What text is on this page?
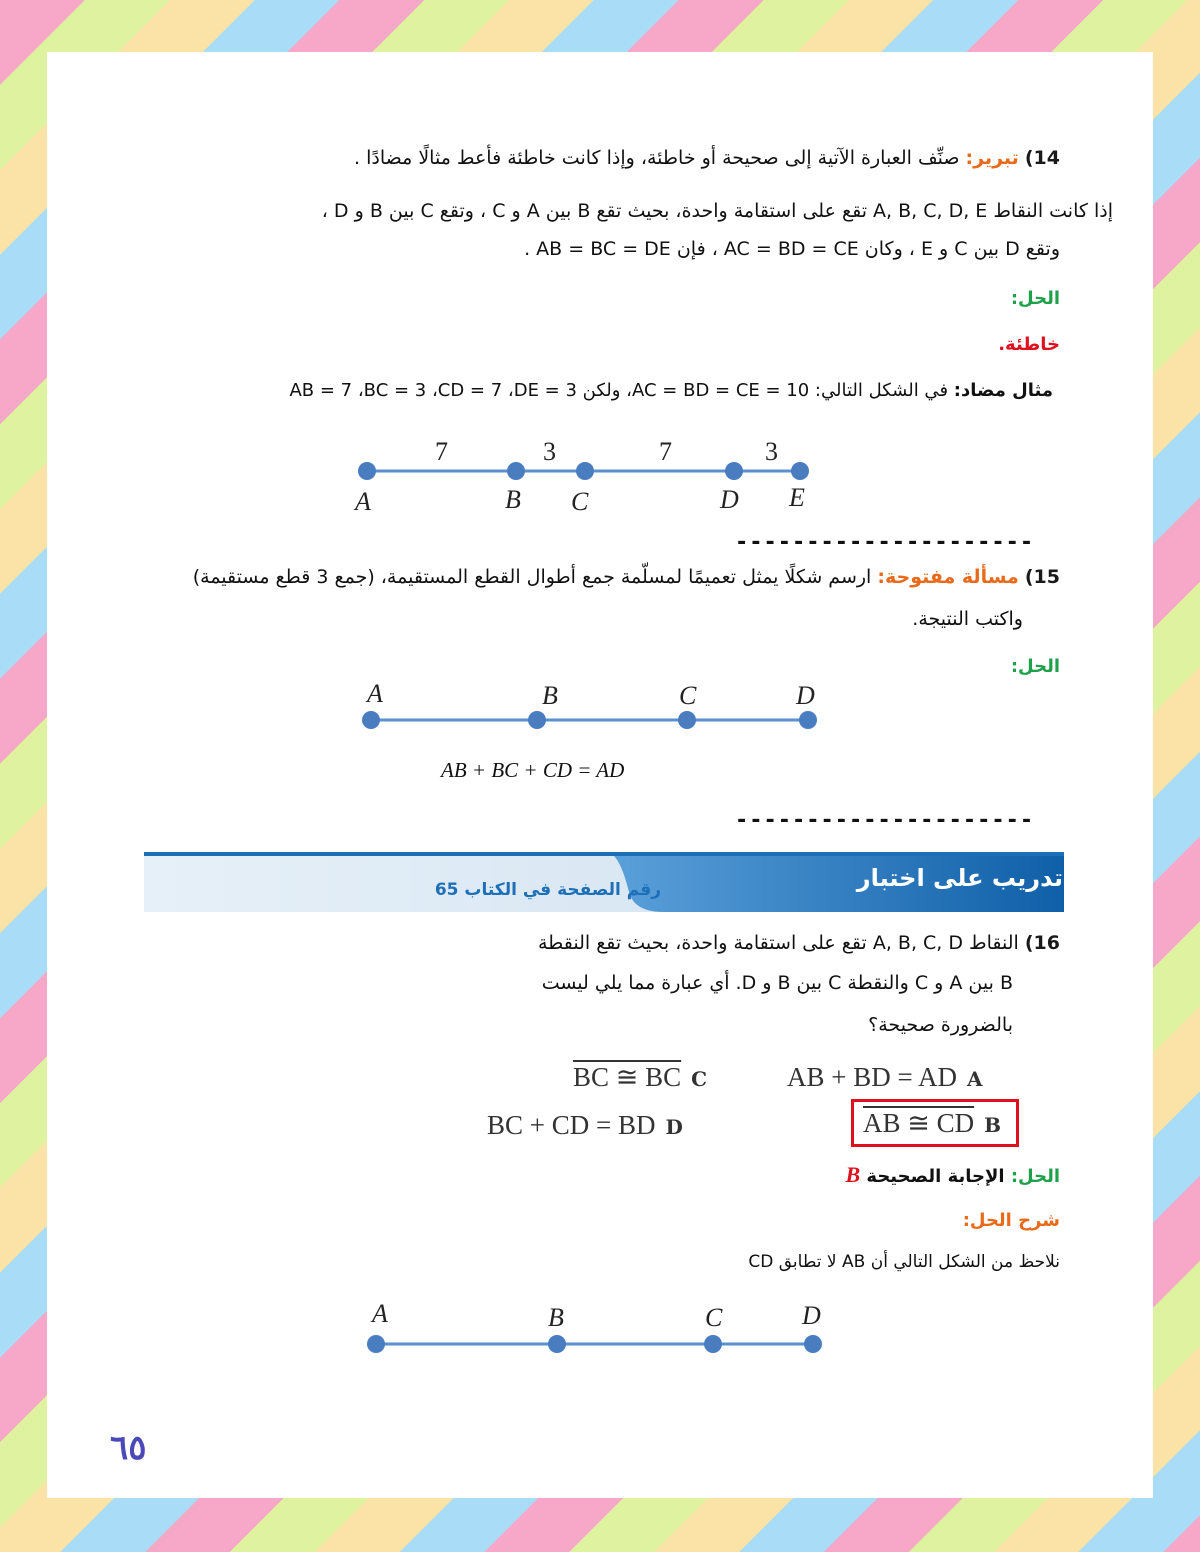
14) تبرير: صنِّف العبارة الآتية إلى صحيحة أو خاطئة، وإذا كانت خاطئة فأعط مثالًا مضادًا .
إذا كانت النقاط A, B, C, D, E تقع على استقامة واحدة، بحيث تقع B بين A و C ، وتقع C بين B و D ،
وتقع D بين C و E ، وكان AC = BD = CE ، فإن AB = BC = DE .
الحل:
خاطئة.
مثال مضاد: في الشكل التالي: AC = BD = CE = 10، ولكن AB = 7 ،BC = 3 ،CD = 7 ،DE = 3
7	3	7	3
A	B C	D E
---------------------
15) مسألة مفتوحة: ارسم شكلًا يمثل تعميمًا لمسلّمة جمع أطوال القطع المستقيمة، (جمع 3 قطع مستقيمة)
واكتب النتيجة.
الحل:
A	B	C	D
AB + BC + CD = AD
---------------------
تدريب على اختبار
رقم الصفحة في الكتاب 65
16) النقاط A, B, C, D تقع على استقامة واحدة، بحيث تقع النقطة
B بين A و C والنقطة C بين B و D. أي عبارة مما يلي ليست
بالضرورة صحيحة؟
AB + BD = AD A
BC ≅ BC C
AB ≅ CD B
BC + CD = BD D
الحل: الإجابة الصحيحة B
شرح الحل:
نلاحظ من الشكل التالي أن AB لا تطابق CD
A	B	C	D
٦٥
